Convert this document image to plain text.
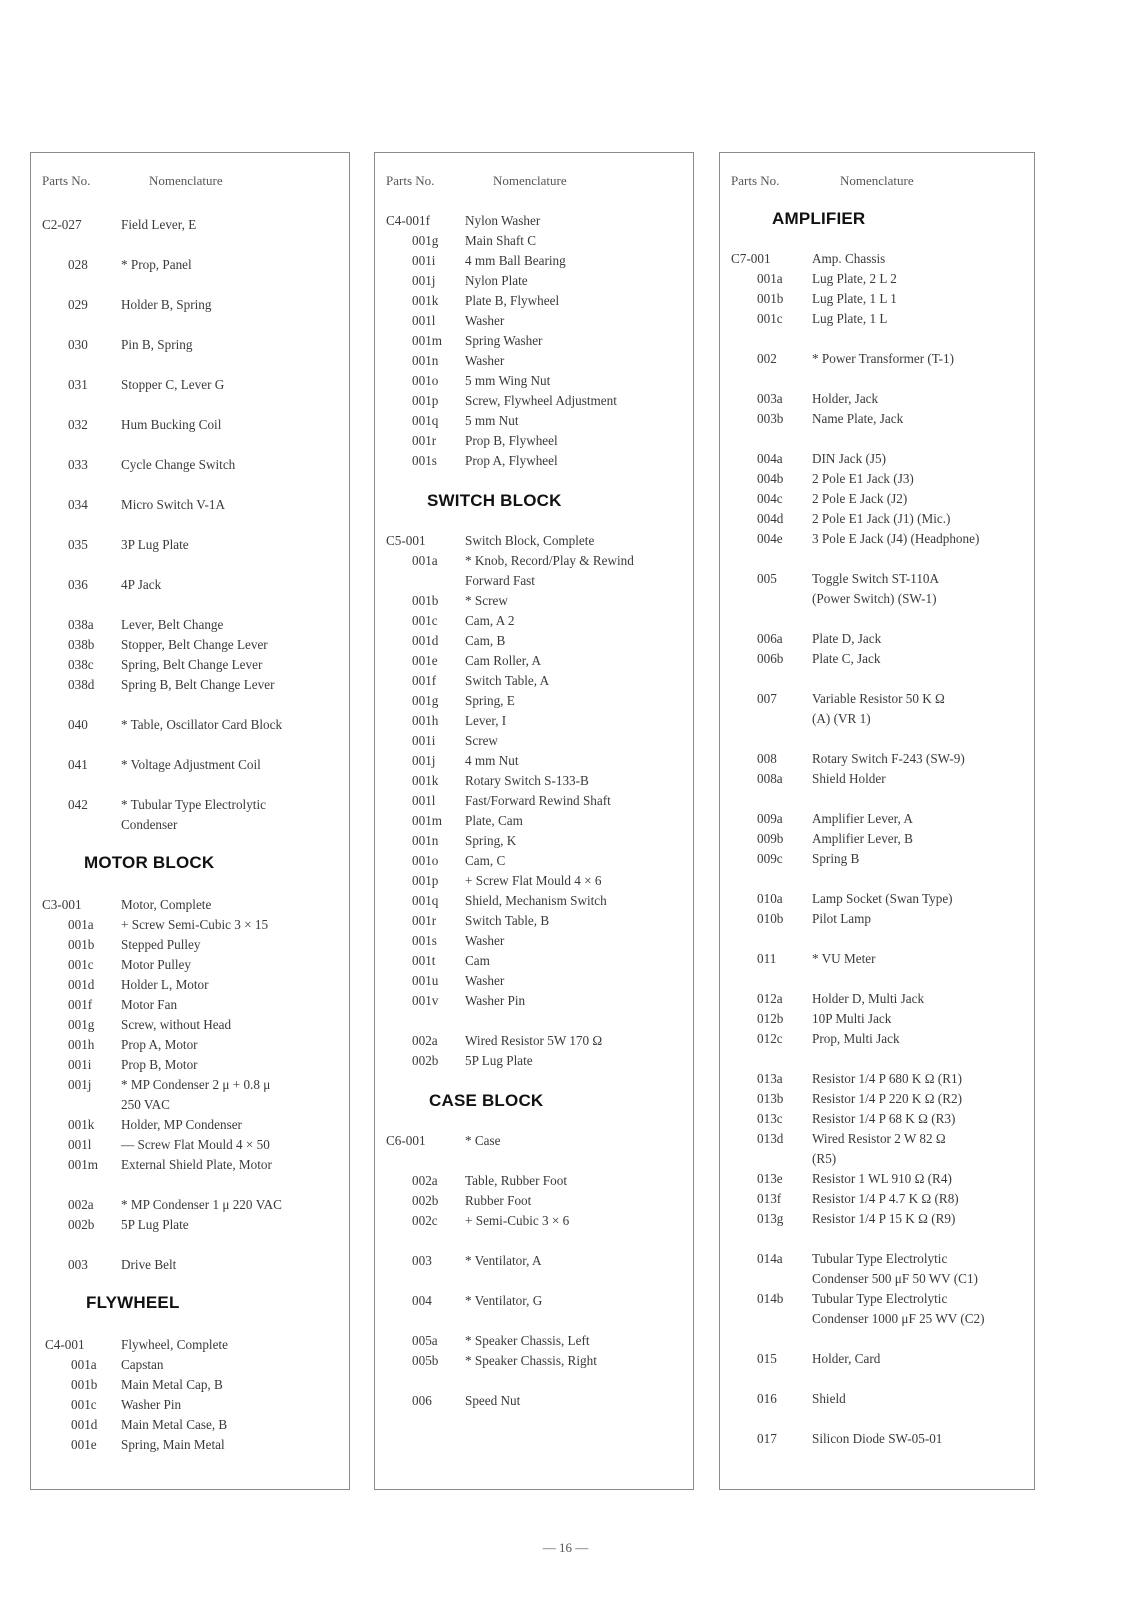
Parts No.	Nomenclature
C2-027	Field Lever, E
028	* Prop, Panel
029	Holder B, Spring
030	Pin B, Spring
031	Stopper C, Lever G
032	Hum Bucking Coil
033	Cycle Change Switch
034	Micro Switch V-1A
035	3P Lug Plate
036	4P Jack
038a Lever, Belt Change
038b Stopper, Belt Change Lever
038c Spring, Belt Change Lever
038d Spring B, Belt Change Lever
040	* Table, Oscillator Card Block
041	* Voltage Adjustment Coil
042	* Tubular Type Electrolytic
Condenser
MOTOR BLOCK
C3-001	Motor, Complete
001a + Screw Semi-Cubic 3 × 15
001b Stepped Pulley
001c Motor Pulley
001d Holder L, Motor
001f Motor Fan
001g Screw, without Head
001h Prop A, Motor
001i Prop B, Motor
001j * MP Condenser 2 μ + 0.8 μ
250 VAC
001k Holder, MP Condenser
001l — Screw Flat Mould 4 × 50
001m External Shield Plate, Motor
002a * MP Condenser 1 μ 220 VAC
002b 5P Lug Plate
003	Drive Belt
FLYWHEEL
C4-001	Flywheel, Complete
001a Capstan
001b Main Metal Cap, B
001c Washer Pin
001d Main Metal Case, B
001e Spring, Main Metal
Parts No.	Nomenclature
C4-001f	Nylon Washer
001g Main Shaft C
001i 4 mm Ball Bearing
001j Nylon Plate
001k Plate B, Flywheel
001l Washer
001m Spring Washer
001n Washer
001o 5 mm Wing Nut
001p Screw, Flywheel Adjustment
001q 5 mm Nut
001r Prop B, Flywheel
001s Prop A, Flywheel
SWITCH BLOCK
C5-001	Switch Block, Complete
001a * Knob, Record/Play & Rewind
Forward Fast
001b * Screw
001c Cam, A 2
001d Cam, B
001e Cam Roller, A
001f Switch Table, A
001g Spring, E
001h Lever, I
001i Screw
001j 4 mm Nut
001k Rotary Switch S-133-B
001l Fast/Forward Rewind Shaft
001m Plate, Cam
001n Spring, K
001o Cam, C
001p + Screw Flat Mould 4 × 6
001q Shield, Mechanism Switch
001r Switch Table, B
001s Washer
001t Cam
001u Washer
001v Washer Pin
002a Wired Resistor 5W 170 Ω
002b 5P Lug Plate
CASE BLOCK
C6-001	* Case
002a Table, Rubber Foot
002b Rubber Foot
002c + Semi-Cubic 3 × 6
003	* Ventilator, A
004	* Ventilator, G
005a * Speaker Chassis, Left
005b * Speaker Chassis, Right
006	Speed Nut
Parts No.	Nomenclature
AMPLIFIER
C7-001	Amp. Chassis
001a Lug Plate, 2 L 2
001b Lug Plate, 1 L 1
001c Lug Plate, 1 L
002	* Power Transformer (T-1)
003a Holder, Jack
003b Name Plate, Jack
004a DIN Jack (J5)
004b 2 Pole E1 Jack (J3)
004c 2 Pole E Jack (J2)
004d 2 Pole E1 Jack (J1) (Mic.)
004e 3 Pole E Jack (J4) (Headphone)
005	Toggle Switch ST-110A
(Power Switch) (SW-1)
006a Plate D, Jack
006b Plate C, Jack
007	Variable Resistor 50 K Ω
(A) (VR 1)
008	Rotary Switch F-243 (SW-9)
008a Shield Holder
009a Amplifier Lever, A
009b Amplifier Lever, B
009c Spring B
010a Lamp Socket (Swan Type)
010b Pilot Lamp
011	* VU Meter
012a Holder D, Multi Jack
012b 10P Multi Jack
012c Prop, Multi Jack
013a Resistor 1/4 P 680 K Ω (R1)
013b Resistor 1/4 P 220 K Ω (R2)
013c Resistor 1/4 P 68 K Ω (R3)
013d Wired Resistor 2 W 82 Ω
(R5)
013e Resistor 1 WL 910 Ω (R4)
013f Resistor 1/4 P 4.7 K Ω (R8)
013g Resistor 1/4 P 15 K Ω (R9)
014a Tubular Type Electrolytic
Condenser 500 μF 50 WV (C1)
014b Tubular Type Electrolytic
Condenser 1000 μF 25 WV (C2)
015	Holder, Card
016	Shield
017	Silicon Diode SW-05-01
— 16 —
